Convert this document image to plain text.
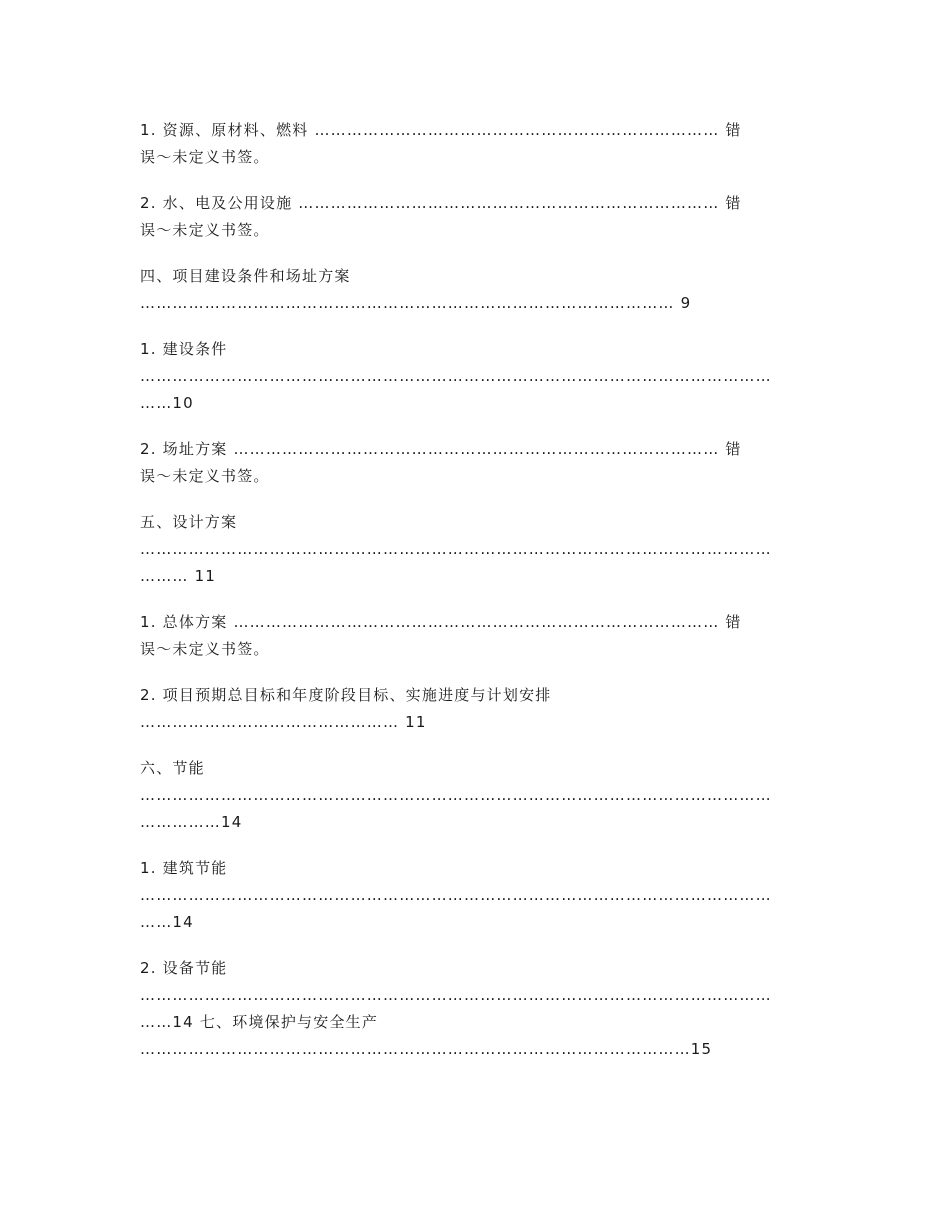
1. 资源、原材料、燃料 ………………………………………………………………… 错
误～未定义书签。
2. 水、电及公用设施 …………………………………………………………………… 错
误～未定义书签。
四、项目建设条件和场址方案
……………………………………………………………………………………… 9
1. 建设条件
………………………………………………………………………………………………………
……10
2. 场址方案 ……………………………………………………………………………… 错
误～未定义书签。
五、设计方案
………………………………………………………………………………………………………
……… 11
1. 总体方案 ……………………………………………………………………………… 错
误～未定义书签。
2. 项目预期总目标和年度阶段目标、实施进度与计划安排
………………………………………… 11
六、节能
………………………………………………………………………………………………………
……………14
1. 建筑节能
………………………………………………………………………………………………………
……14
2. 设备节能
………………………………………………………………………………………………………
……14 七、环境保护与安全生产
…………………………………………………………………………………………15
